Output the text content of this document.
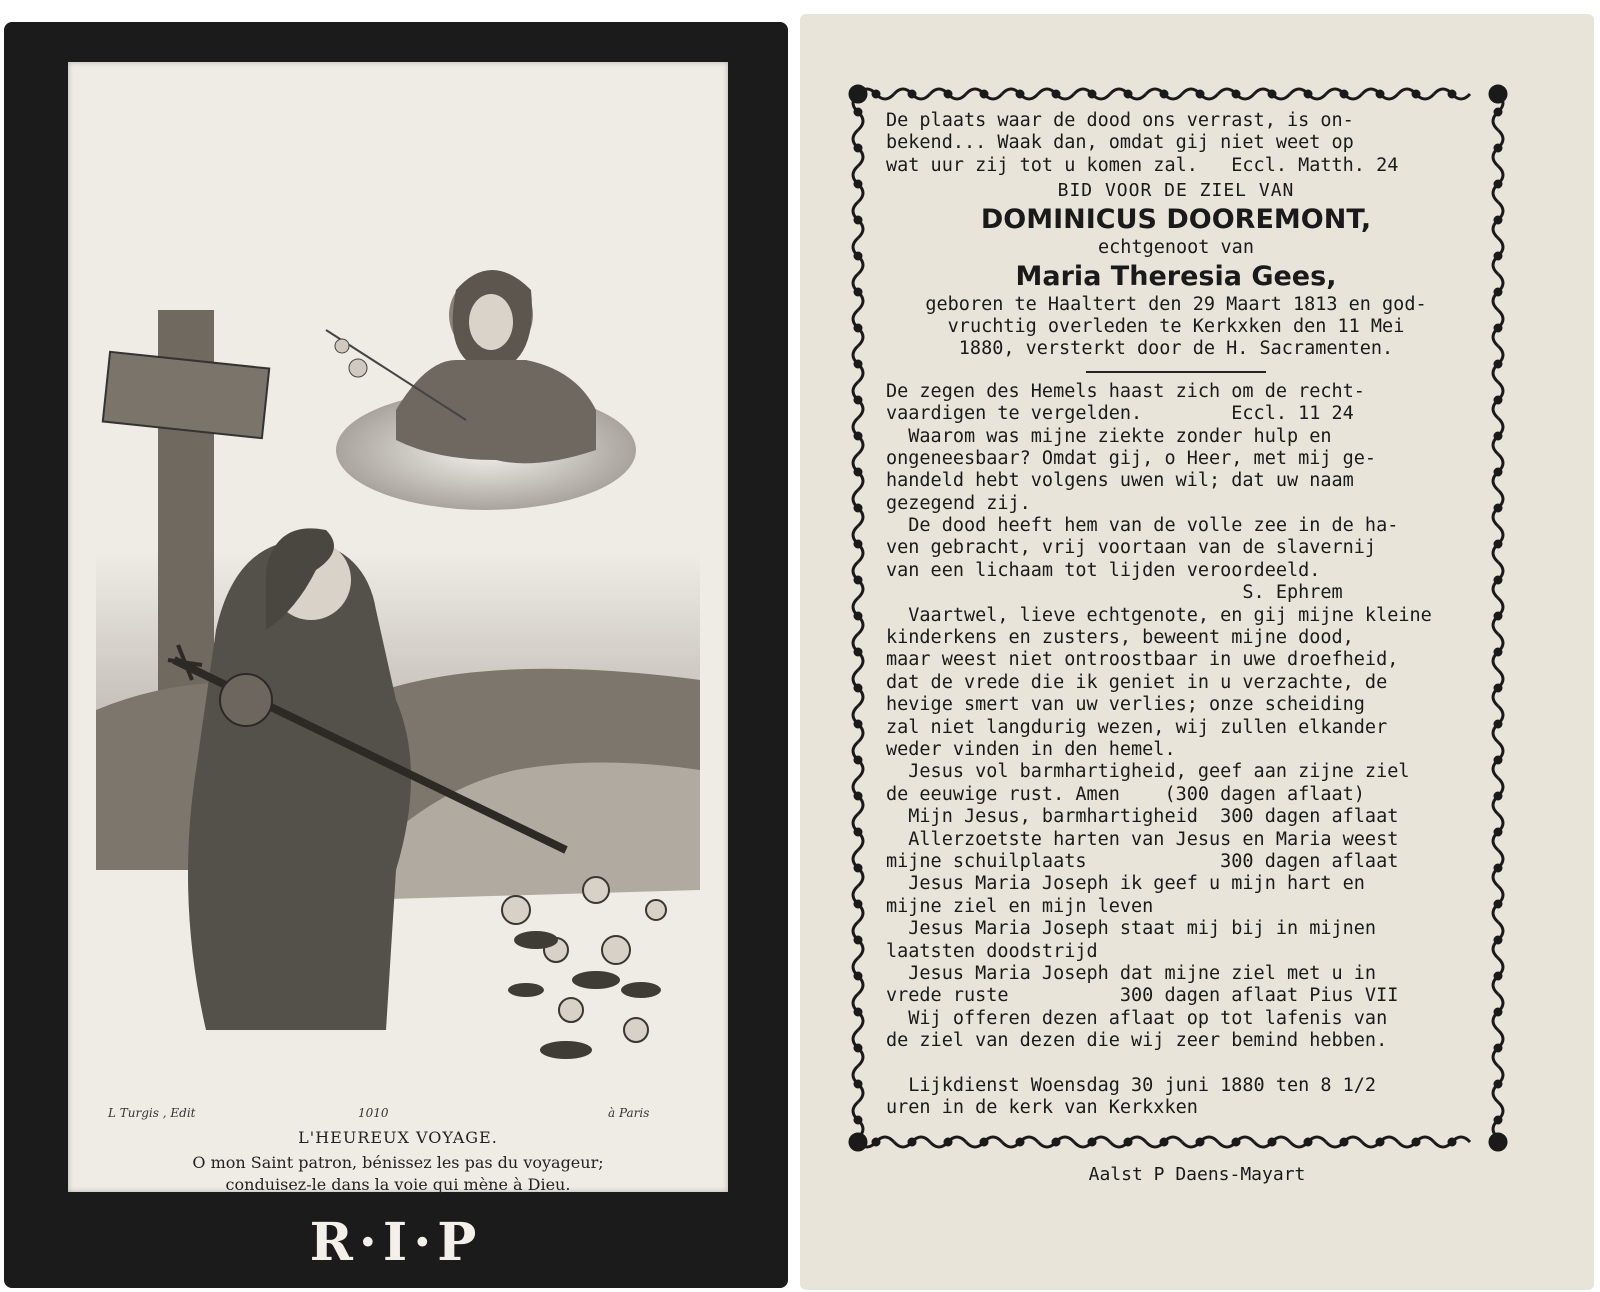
L Turgis , Edit	1010	à Paris
L'HEUREUX VOYAGE.
O mon Saint patron, bénissez les pas du voyageur;
conduisez-le dans la voie qui mène à Dieu.
R·I·P
De plaats waar de dood ons verrast, is on-
bekend... Waak dan, omdat gij niet weet op
wat uur zij tot u komen zal.   Eccl. Matth. 24
BID VOOR DE ZIEL VAN
DOMINICUS DOOREMONT,
echtgenoot van
Maria Theresia Gees,
geboren te Haaltert den 29 Maart 1813 en god-
vruchtig overleden te Kerkxken den 11 Mei
1880, versterkt door de H. Sacramenten.
De zegen des Hemels haast zich om de recht-
vaardigen te vergelden.        Eccl. 11 24
Waarom was mijne ziekte zonder hulp en
ongeneesbaar? Omdat gij, o Heer, met mij ge-
handeld hebt volgens uwen wil; dat uw naam
gezegend zij.
De dood heeft hem van de volle zee in de ha-
ven gebracht, vrij voortaan van de slavernij
van een lichaam tot lijden veroordeeld.
S. Ephrem
Vaartwel, lieve echtgenote, en gij mijne kleine
kinderkens en zusters, beweent mijne dood,
maar weest niet ontroostbaar in uwe droefheid,
dat de vrede die ik geniet in u verzachte, de
hevige smert van uw verlies; onze scheiding
zal niet langdurig wezen, wij zullen elkander
weder vinden in den hemel.
Jesus vol barmhartigheid, geef aan zijne ziel
de eeuwige rust. Amen    (300 dagen aflaat)
Mijn Jesus, barmhartigheid  300 dagen aflaat
Allerzoetste harten van Jesus en Maria weest
mijne schuilplaats            300 dagen aflaat
Jesus Maria Joseph ik geef u mijn hart en
mijne ziel en mijn leven
Jesus Maria Joseph staat mij bij in mijnen
laatsten doodstrijd
Jesus Maria Joseph dat mijne ziel met u in
vrede ruste          300 dagen aflaat Pius VII
Wij offeren dezen aflaat op tot lafenis van
de ziel van dezen die wij zeer bemind hebben.
Lijkdienst Woensdag 30 juni 1880 ten 8 1/2
uren in de kerk van Kerkxken
Aalst P Daens-Mayart
